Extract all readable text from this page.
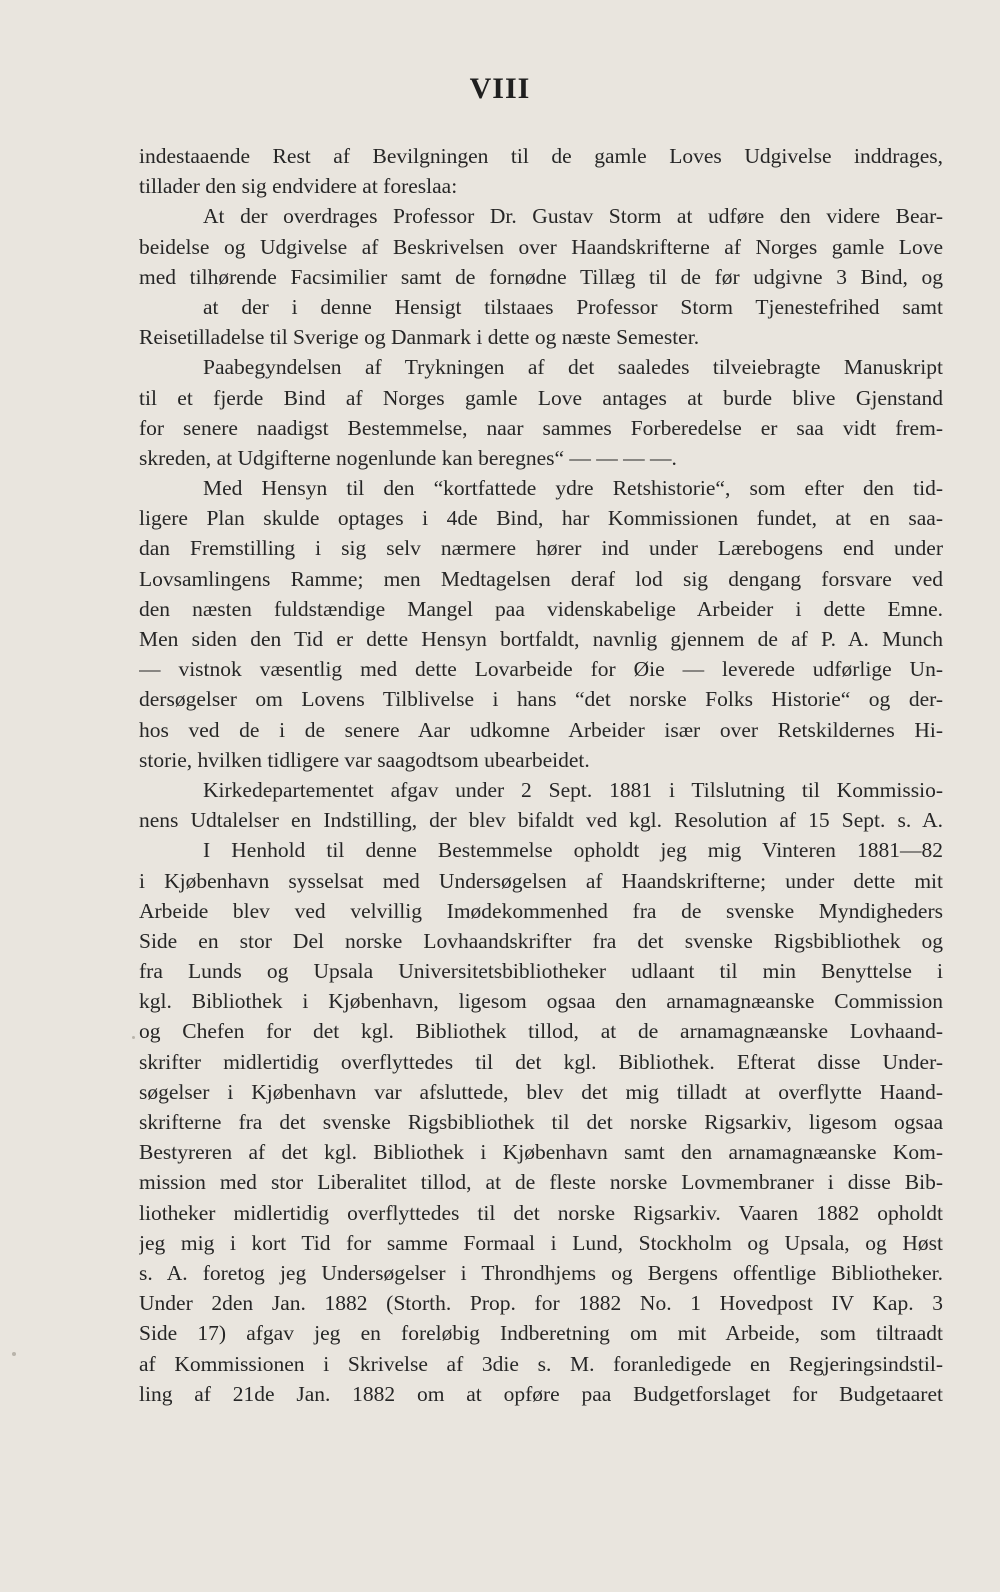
VIII
indestaaende Rest af Bevilgningen til de gamle Loves Udgivelse inddrages,
tillader den sig endvidere at foreslaa:
At der overdrages Professor Dr. Gustav Storm at udføre den videre Bear-
beidelse og Udgivelse af Beskrivelsen over Haandskrifterne af Norges gamle Love
med tilhørende Facsimilier samt de fornødne Tillæg til de før udgivne 3 Bind, og
at der i denne Hensigt tilstaaes Professor Storm Tjenestefrihed samt
Reisetilladelse til Sverige og Danmark i dette og næste Semester.
Paabegyndelsen af Trykningen af det saaledes tilveiebragte Manuskript
til et fjerde Bind af Norges gamle Love antages at burde blive Gjenstand
for senere naadigst Bestemmelse, naar sammes Forberedelse er saa vidt frem-
skreden, at Udgifterne nogenlunde kan beregnes“ — — — —.
Med Hensyn til den “kortfattede ydre Retshistorie“, som efter den tid-
ligere Plan skulde optages i 4de Bind, har Kommissionen fundet, at en saa-
dan Fremstilling i sig selv nærmere hører ind under Lærebogens end under
Lovsamlingens Ramme; men Medtagelsen deraf lod sig dengang forsvare ved
den næsten fuldstændige Mangel paa videnskabelige Arbeider i dette Emne.
Men siden den Tid er dette Hensyn bortfaldt, navnlig gjennem de af P. A. Munch
— vistnok væsentlig med dette Lovarbeide for Øie — leverede udførlige Un-
dersøgelser om Lovens Tilblivelse i hans “det norske Folks Historie“ og der-
hos ved de i de senere Aar udkomne Arbeider især over Retskildernes Hi-
storie, hvilken tidligere var saagodtsom ubearbeidet.
Kirkedepartementet afgav under 2 Sept. 1881 i Tilslutning til Kommissio-
nens Udtalelser en Indstilling, der blev bifaldt ved kgl. Resolution af 15 Sept. s. A.
I Henhold til denne Bestemmelse opholdt jeg mig Vinteren 1881—82
i Kjøbenhavn sysselsat med Undersøgelsen af Haandskrifterne; under dette mit
Arbeide blev ved velvillig Imødekommenhed fra de svenske Myndigheders
Side en stor Del norske Lovhaandskrifter fra det svenske Rigsbibliothek og
fra Lunds og Upsala Universitetsbibliotheker udlaant til min Benyttelse i
kgl. Bibliothek i Kjøbenhavn, ligesom ogsaa den arnamagnæanske Commission
og Chefen for det kgl. Bibliothek tillod, at de arnamagnæanske Lovhaand-
skrifter midlertidig overflyttedes til det kgl. Bibliothek. Efterat disse Under-
søgelser i Kjøbenhavn var afsluttede, blev det mig tilladt at overflytte Haand-
skrifterne fra det svenske Rigsbibliothek til det norske Rigsarkiv, ligesom ogsaa
Bestyreren af det kgl. Bibliothek i Kjøbenhavn samt den arnamagnæanske Kom-
mission med stor Liberalitet tillod, at de fleste norske Lovmembraner i disse Bib-
liotheker midlertidig overflyttedes til det norske Rigsarkiv. Vaaren 1882 opholdt
jeg mig i kort Tid for samme Formaal i Lund, Stockholm og Upsala, og Høst
s. A. foretog jeg Undersøgelser i Throndhjems og Bergens offentlige Bibliotheker.
Under 2den Jan. 1882 (Storth. Prop. for 1882 No. 1 Hovedpost IV Kap. 3
Side 17) afgav jeg en foreløbig Indberetning om mit Arbeide, som tiltraadt
af Kommissionen i Skrivelse af 3die s. M. foranledigede en Regjeringsindstil-
ling af 21de Jan. 1882 om at opføre paa Budgetforslaget for Budgetaaret
